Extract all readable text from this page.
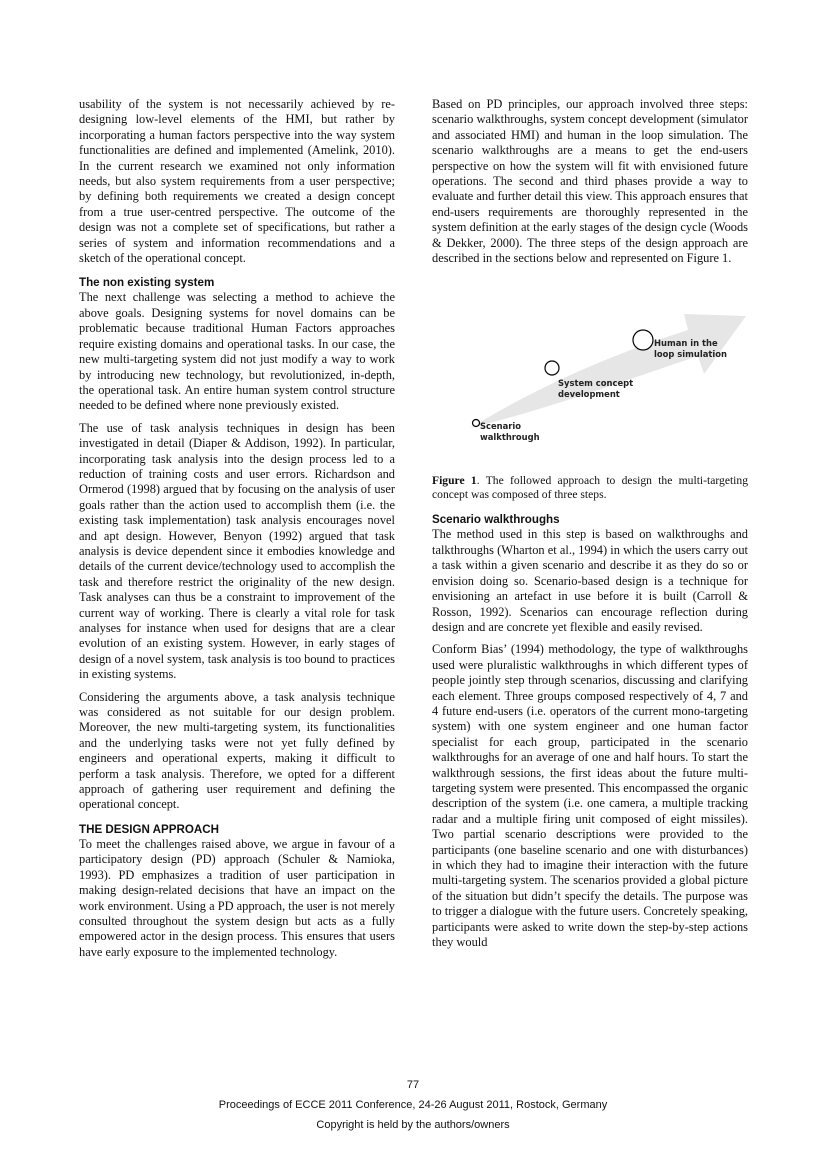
usability of the system is not necessarily achieved by re-designing low-level elements of the HMI, but rather by incorporating a human factors perspective into the way system functionalities are defined and implemented (Amelink, 2010). In the current research we examined not only information needs, but also system requirements from a user perspective; by defining both requirements we created a design concept from a true user-centred perspective. The outcome of the design was not a complete set of specifications, but rather a series of system and information recommendations and a sketch of the operational concept.

The non existing system

The next challenge was selecting a method to achieve the above goals. Designing systems for novel domains can be problematic because traditional Human Factors approaches require existing domains and operational tasks. In our case, the new multi-targeting system did not just modify a way to work by introducing new technology, but revolutionized, in-depth, the operational task. An entire human system control structure needed to be defined where none previously existed.

The use of task analysis techniques in design has been investigated in detail (Diaper & Addison, 1992). In particular, incorporating task analysis into the design process led to a reduction of training costs and user errors. Richardson and Ormerod (1998) argued that by focusing on the analysis of user goals rather than the action used to accomplish them (i.e. the existing task implementation) task analysis encourages novel and apt design. However, Benyon (1992) argued that task analysis is device dependent since it embodies knowledge and details of the current device/technology used to accomplish the task and therefore restrict the originality of the new design. Task analyses can thus be a constraint to improvement of the current way of working. There is clearly a vital role for task analyses for instance when used for designs that are a clear evolution of an existing system. However, in early stages of design of a novel system, task analysis is too bound to practices in existing systems.

Considering the arguments above, a task analysis technique was considered as not suitable for our design problem. Moreover, the new multi-targeting system, its functionalities and the underlying tasks were not yet fully defined by engineers and operational experts, making it difficult to perform a task analysis. Therefore, we opted for a different approach of gathering user requirement and defining the operational concept.

THE DESIGN APPROACH

To meet the challenges raised above, we argue in favour of a participatory design (PD) approach (Schuler & Namioka, 1993). PD emphasizes a tradition of user participation in making design-related decisions that have an impact on the work environment. Using a PD approach, the user is not merely consulted throughout the system design but acts as a fully empowered actor in the design process. This ensures that users have early exposure to the implemented technology.

Based on PD principles, our approach involved three steps: scenario walkthroughs, system concept development (simulator and associated HMI) and human in the loop simulation. The scenario walkthroughs are a means to get the end-users perspective on how the system will fit with envisioned future operations. The second and third phases provide a way to evaluate and further detail this view. This approach ensures that end-users requirements are thoroughly represented in the system definition at the early stages of the design cycle (Woods & Dekker, 2000). The three steps of the design approach are described in the sections below and represented on Figure 1.

Scenario
walkthrough
System concept
development
Human in the
loop simulation

Figure 1. The followed approach to design the multi-targeting concept was composed of three steps.

Scenario walkthroughs

The method used in this step is based on walkthroughs and talkthroughs (Wharton et al., 1994) in which the users carry out a task within a given scenario and describe it as they do so or envision doing so. Scenario-based design is a technique for envisioning an artefact in use before it is built (Carroll & Rosson, 1992). Scenarios can encourage reflection during design and are concrete yet flexible and easily revised.

Conform Bias’ (1994) methodology, the type of walkthroughs used were pluralistic walkthroughs in which different types of people jointly step through scenarios, discussing and clarifying each element. Three groups composed respectively of 4, 7 and 4 future end-users (i.e. operators of the current mono-targeting system) with one system engineer and one human factor specialist for each group, participated in the scenario walkthroughs for an average of one and half hours. To start the walkthrough sessions, the first ideas about the future multi-targeting system were presented. This encompassed the organic description of the system (i.e. one camera, a multiple tracking radar and a multiple firing unit composed of eight missiles). Two partial scenario descriptions were provided to the participants (one baseline scenario and one with disturbances) in which they had to imagine their interaction with the future multi-targeting system. The scenarios provided a global picture of the situation but didn’t specify the details. The purpose was to trigger a dialogue with the future users. Concretely speaking, participants were asked to write down the step-by-step actions they would

77
Proceedings of ECCE 2011 Conference, 24-26 August 2011, Rostock, Germany
Copyright is held by the authors/owners
